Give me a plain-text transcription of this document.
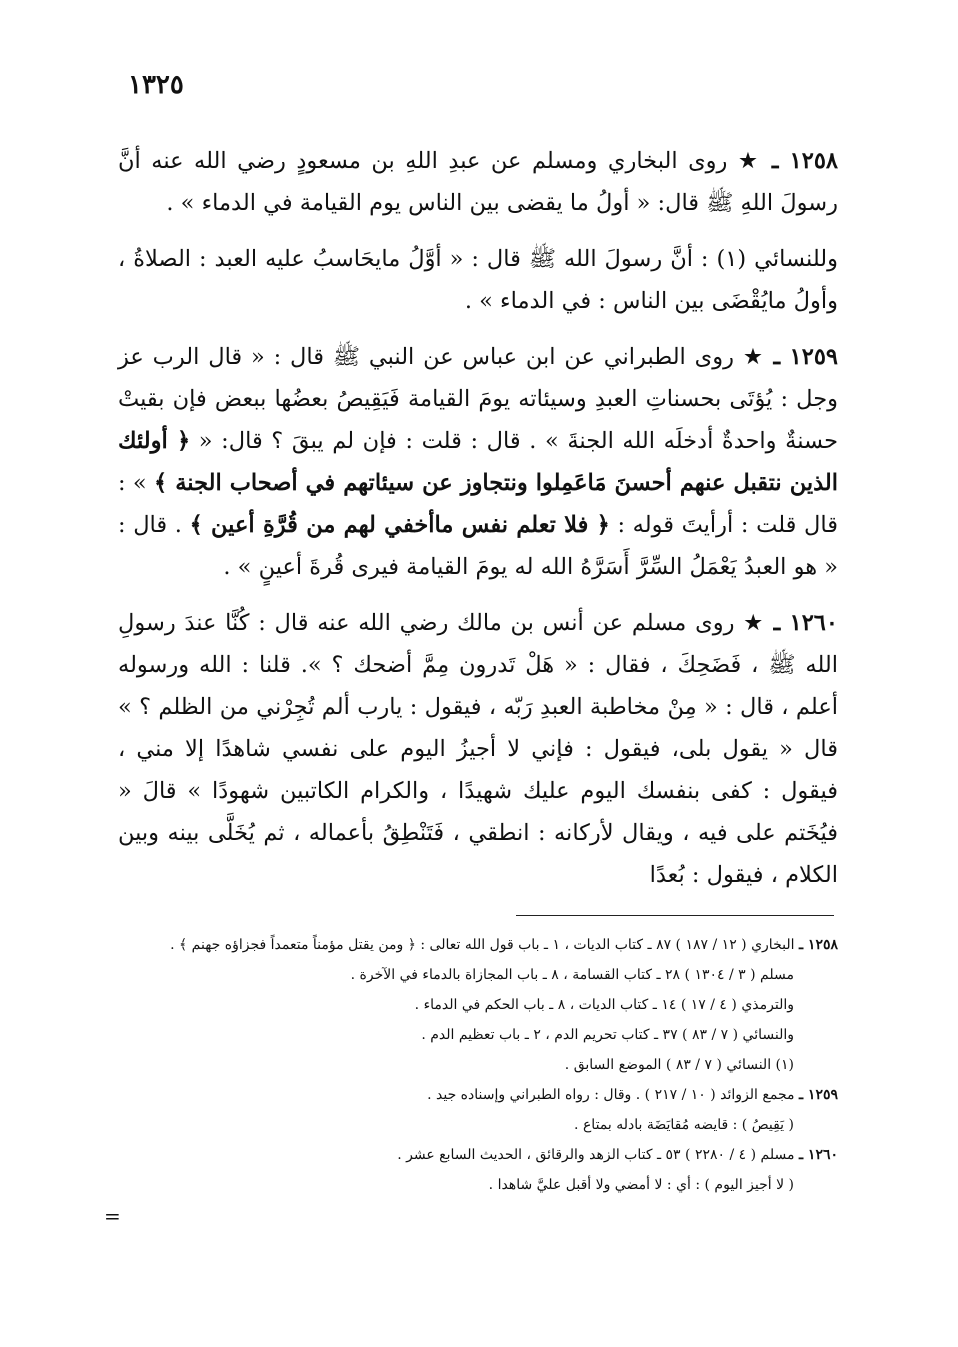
١٣٢٥

١٢٥٨ ـ ★ روى البخاري ومسلم عن عبدِ اللهِ بن مسعودٍ رضي الله عنه أنَّ رسولَ اللهِ ﷺ قال: « أولُ ما يقضى بين الناس يوم القيامة في الدماء » .

وللنسائي (١) : أنَّ رسولَ الله ﷺ قال : « أوَّلُ مايحَاسبُ عليه العبد : الصلاةُ ، وأولُ مايُقْضَى بين الناس : في الدماء » .

١٢٥٩ ـ ★ روى الطبراني عن ابن عباس عن النبي ﷺ قال : « قال الرب عز وجل : يُؤتَى بحسناتِ العبدِ وسيئاته يومَ القيامة فَيَقِيصُ بعضُها ببعض فإن بقيتْ حسنةٌ واحدةٌ أدخلَه الله الجنةَ » . قال : قلت : فإن لم يبقَ ؟ قال: « ﴿ أولئك الذين نتقبل عنهم أحسنَ مَاعَمِلوا ونتجاوز عن سيئاتهم في أصحاب الجنة ﴾ » : قال قلت : أرأيتَ قوله : ﴿ فلا تعلم نفس ماأخفي لهم من قُرَّةِ أعين ﴾ . قال : « هو العبدُ يَعْمَلُ السِّرَّ أَسَرَّهُ الله له يومَ القيامة فيرى قُرةَ أعينٍ » .

١٢٦٠ ـ ★ روى مسلم عن أنس بن مالك رضي الله عنه قال : كُنَّا عندَ رسولِ الله ﷺ ، فَضَحِكَ ، فقال : « هَلْ تَدرون مِمَّ أضحك ؟ ». قلنا : الله ورسوله أعلم ، قال : « مِنْ مخاطبة العبدِ رَبّه ، فيقول : يارب ألم تُجِرْني من الظلم ؟ » قال « يقول بلى، فيقول : فإني لا أجيزُ اليوم على نفسي شاهدًا إلا مني ، فيقول : كفى بنفسك اليوم عليك شهيدًا ، والكرام الكاتبين شهودًا » قالَ « فيُخَتم على فيه ، ويقال لأركانه : انطقي ، فَتَنْطِقُ بأعماله ، ثم يُخَلَّى بينه وبين الكلام ، فيقول : بُعدًا

١٢٥٨ ـ البخاري ( ١٢ / ١٨٧ ) ٨٧ ـ كتاب الديات ، ١ ـ باب قول الله تعالى : ﴿ ومن يقتل مؤمناً متعمداً فجزاؤه جهنم ﴾ .

مسلم ( ٣ / ١٣٠٤ ) ٢٨ ـ كتاب القسامة ، ٨ ـ باب المجازاة بالدماء في الآخرة .

والترمذي ( ٤ / ١٧ ) ١٤ ـ كتاب الديات ، ٨ ـ باب الحكم في الدماء .

والنسائي ( ٧ / ٨٣ ) ٣٧ ـ كتاب تحريم الدم ، ٢ ـ باب تعظيم الدم .

(١) النسائي ( ٧ / ٨٣ ) الموضع السابق .

١٢٥٩ ـ مجمع الزوائد ( ١٠ / ٢١٧ ) . وقال : رواه الطبراني وإسناده جيد .

( يَقِيصُ ) : قايضه مُقايَضَة بادله بمتاع .

١٢٦٠ ـ مسلم ( ٤ / ٢٢٨٠ ) ٥٣ ـ كتاب الزهد والرقائق ، الحديث السابع عشر .

( لا أجيز اليوم ) : أي : لا أمضي ولا أقبل عليَّ شاهدا .

=
